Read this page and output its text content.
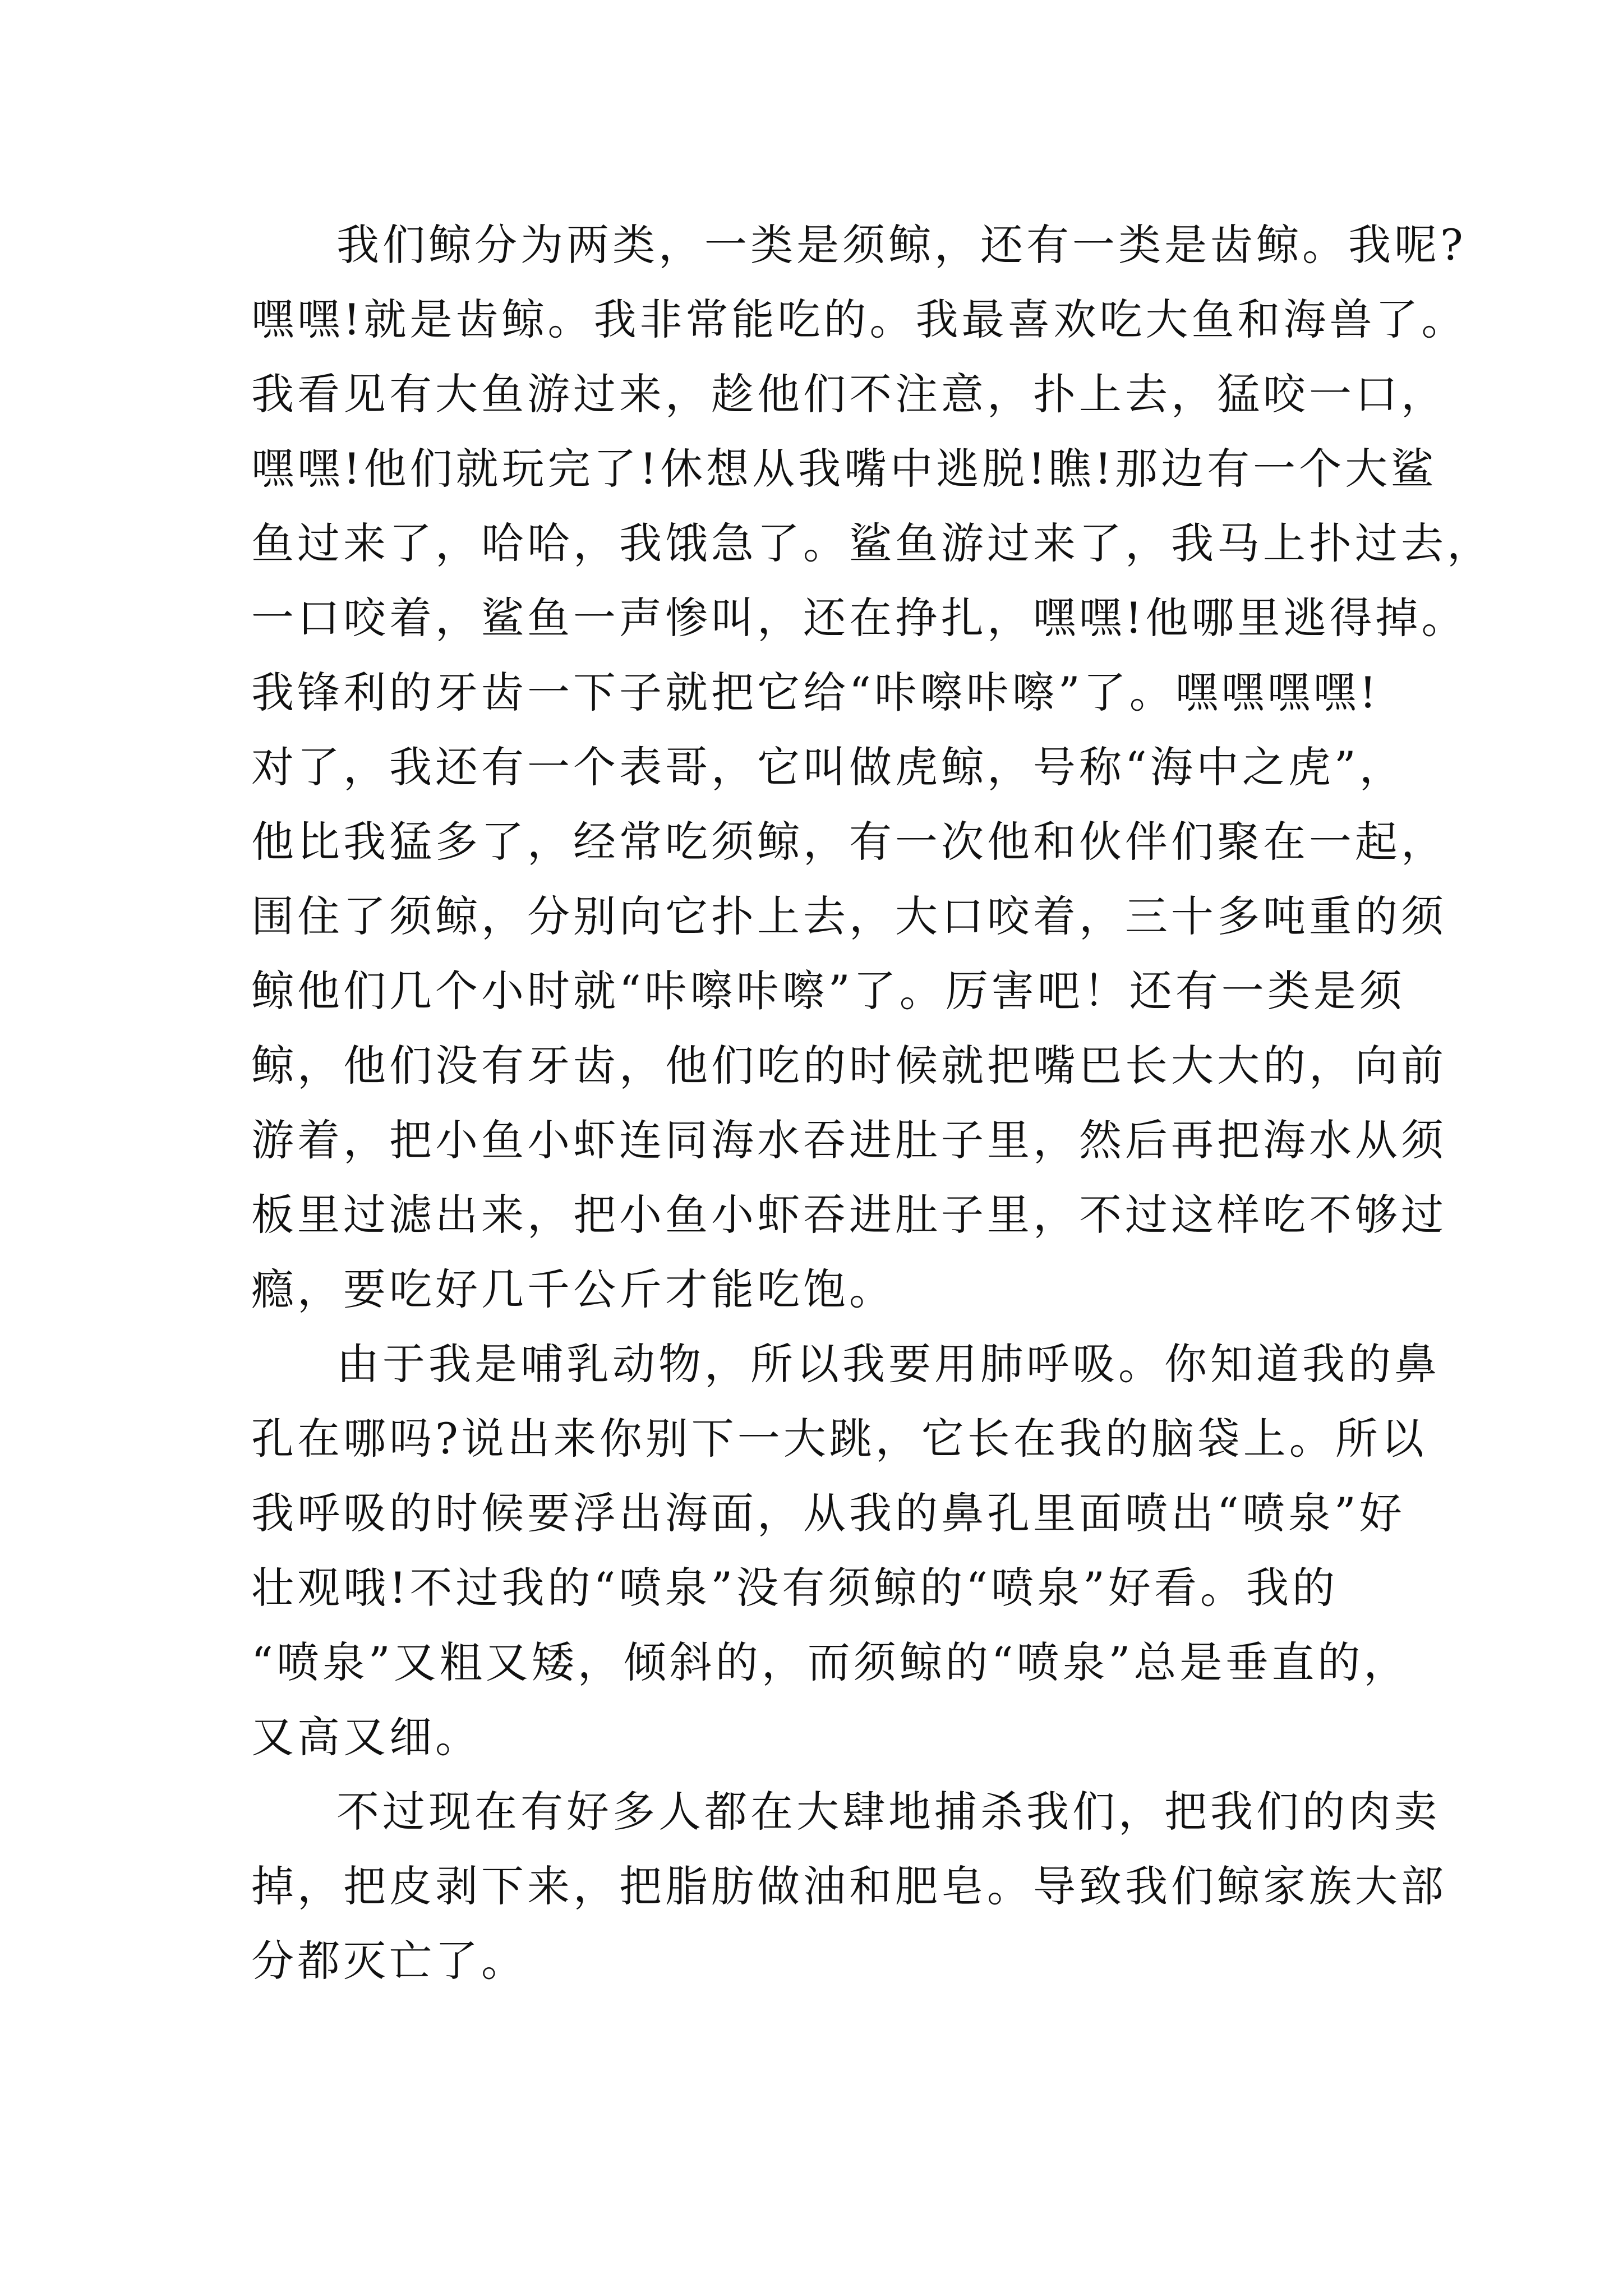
我们鲸分为两类，一类是须鲸，还有一类是齿鲸。我呢?
嘿嘿!就是齿鲸。我非常能吃的。我最喜欢吃大鱼和海兽了。
我看见有大鱼游过来，趁他们不注意，扑上去，猛咬一口，
嘿嘿!他们就玩完了!休想从我嘴中逃脱!瞧!那边有一个大鲨
鱼过来了，哈哈，我饿急了。鲨鱼游过来了，我马上扑过去，
一口咬着，鲨鱼一声惨叫，还在挣扎，嘿嘿!他哪里逃得掉。
我锋利的牙齿一下子就把它给“咔嚓咔嚓”了。嘿嘿嘿嘿!
对了，我还有一个表哥，它叫做虎鲸，号称“海中之虎”，
他比我猛多了，经常吃须鲸，有一次他和伙伴们聚在一起，
围住了须鲸，分别向它扑上去，大口咬着，三十多吨重的须
鲸他们几个小时就“咔嚓咔嚓”了。厉害吧！还有一类是须
鲸，他们没有牙齿，他们吃的时候就把嘴巴长大大的，向前
游着，把小鱼小虾连同海水吞进肚子里，然后再把海水从须
板里过滤出来，把小鱼小虾吞进肚子里，不过这样吃不够过
瘾，要吃好几千公斤才能吃饱。
由于我是哺乳动物，所以我要用肺呼吸。你知道我的鼻
孔在哪吗?说出来你别下一大跳，它长在我的脑袋上。所以
我呼吸的时候要浮出海面，从我的鼻孔里面喷出“喷泉”好
壮观哦!不过我的“喷泉”没有须鲸的“喷泉”好看。我的
“喷泉”又粗又矮，倾斜的，而须鲸的“喷泉”总是垂直的，
又高又细。
不过现在有好多人都在大肆地捕杀我们，把我们的肉卖
掉，把皮剥下来，把脂肪做油和肥皂。导致我们鲸家族大部
分都灭亡了。
